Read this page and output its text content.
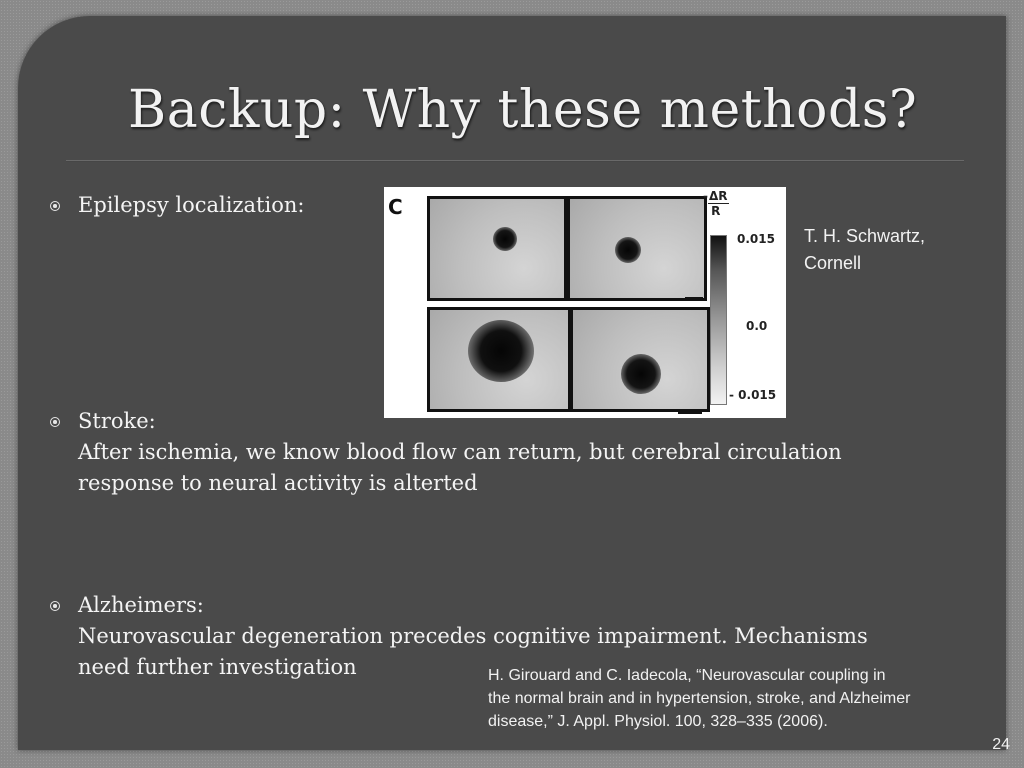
Backup: Why these methods?
Epilepsy localization:	C	-ΔR
R
0.015
0.0
- 0.015
T. H. Schwartz,
Cornell
Stroke:
After ischemia, we know blood flow can return, but cerebral circulation
response to neural activity is alterted
Alzheimers:
Neurovascular degeneration precedes cognitive impairment. Mechanisms
need further investigation	H. Girouard and C. Iadecola, “Neurovascular coupling in
the normal brain and in hypertension, stroke, and Alzheimer
disease,” J. Appl. Physiol. 100, 328–335 (2006).
24
